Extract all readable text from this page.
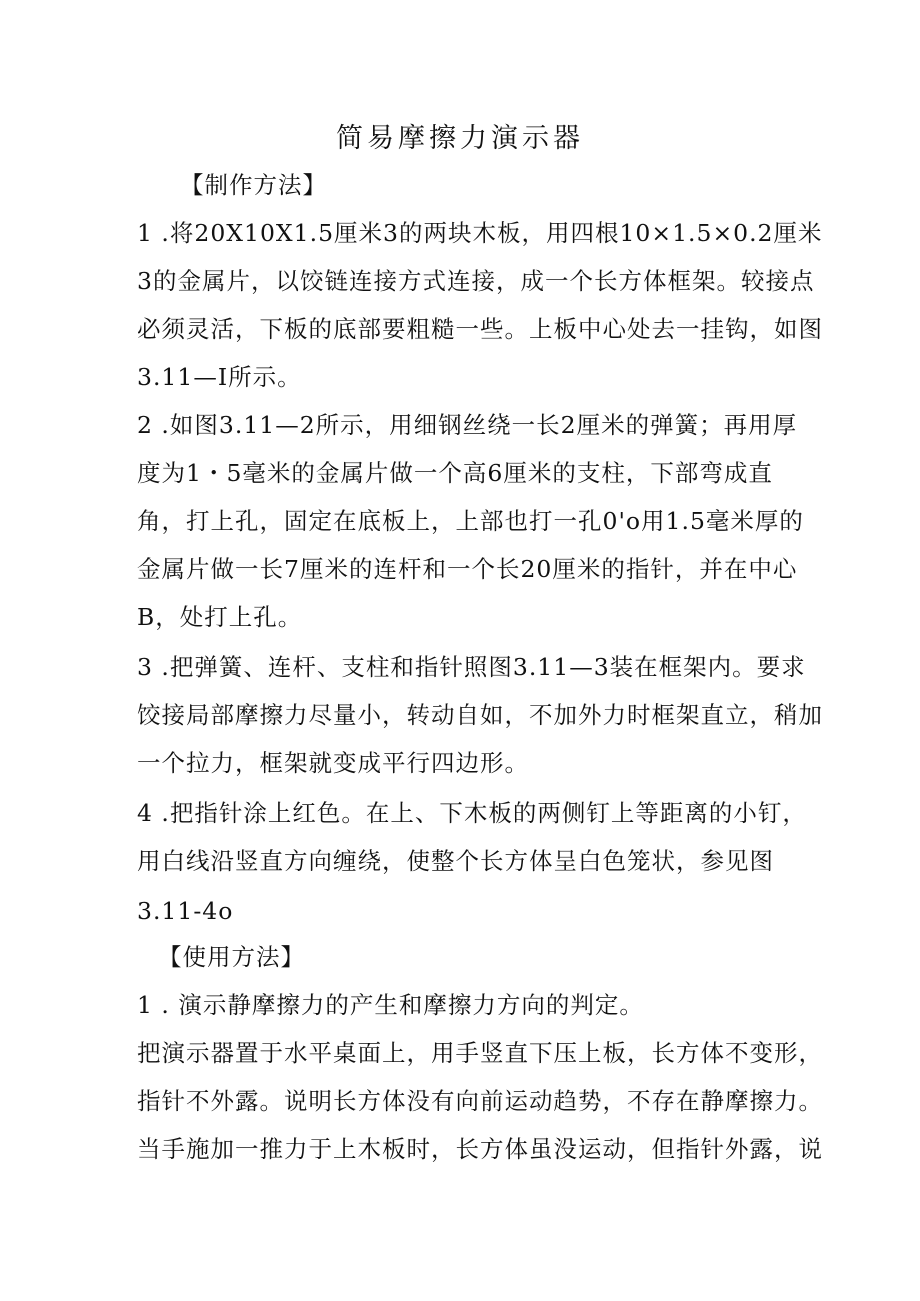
简易摩擦力演示器
【制作方法】
1 .将20X10X1.5厘米3的两块木板，用四根10×1.5×0.2厘米
3的金属片，以饺链连接方式连接，成一个长方体框架。较接点
必须灵活，下板的底部要粗糙一些。上板中心处去一挂钩，如图
3.11—I所示。
2 .如图3.11—2所示，用细钢丝绕一长2厘米的弹簧；再用厚
度为1・5毫米的金属片做一个高6厘米的支柱，下部弯成直
角，打上孔，固定在底板上，上部也打一孔0'o用1.5毫米厚的
金属片做一长7厘米的连杆和一个长20厘米的指针，并在中心
B，处打上孔。
3 .把弹簧、连杆、支柱和指针照图3.11—3装在框架内。要求
饺接局部摩擦力尽量小，转动自如，不加外力时框架直立，稍加
一个拉力，框架就变成平行四边形。
4 .把指针涂上红色。在上、下木板的两侧钉上等距离的小钉，
用白线沿竖直方向缠绕，使整个长方体呈白色笼状，参见图
3.11-4o
【使用方法】
1 . 演示静摩擦力的产生和摩擦力方向的判定。
把演示器置于水平桌面上，用手竖直下压上板，长方体不变形，
指针不外露。说明长方体没有向前运动趋势，不存在静摩擦力。
当手施加一推力于上木板时，长方体虽没运动，但指针外露，说
